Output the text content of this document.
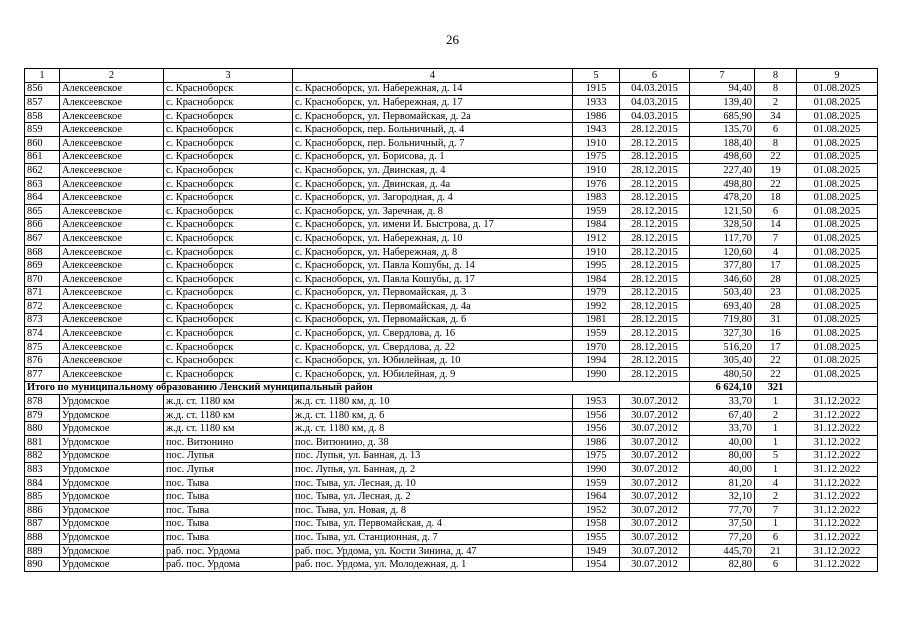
26
1	2	3	4	5	6	7	8	9
856	Алексеевское	с. Красноборск	с. Красноборск, ул. Набережная, д. 14	1915	04.03.2015	94,40	8	01.08.2025
857	Алексеевское	с. Красноборск	с. Красноборск, ул. Набережная, д. 17	1933	04.03.2015	139,40	2	01.08.2025
858	Алексеевское	с. Красноборск	с. Красноборск, ул. Первомайская, д. 2а	1986	04.03.2015	685,90	34	01.08.2025
859	Алексеевское	с. Красноборск	с. Красноборск, пер. Больничный, д. 4	1943	28.12.2015	135,70	6	01.08.2025
860	Алексеевское	с. Красноборск	с. Красноборск, пер. Больничный, д. 7	1910	28.12.2015	188,40	8	01.08.2025
861	Алексеевское	с. Красноборск	с. Красноборск, ул. Борисова, д. 1	1975	28.12.2015	498,60	22	01.08.2025
862	Алексеевское	с. Красноборск	с. Красноборск, ул. Двинская, д. 4	1910	28.12.2015	227,40	19	01.08.2025
863	Алексеевское	с. Красноборск	с. Красноборск, ул. Двинская, д. 4а	1976	28.12.2015	498,80	22	01.08.2025
864	Алексеевское	с. Красноборск	с. Красноборск, ул. Загородная, д. 4	1983	28.12.2015	478,20	18	01.08.2025
865	Алексеевское	с. Красноборск	с. Красноборск, ул. Заречная, д. 8	1959	28.12.2015	121,50	6	01.08.2025
866	Алексеевское	с. Красноборск	с. Красноборск, ул. имени И. Быстрова, д. 17	1984	28.12.2015	328,50	14	01.08.2025
867	Алексеевское	с. Красноборск	с. Красноборск, ул. Набережная, д. 10	1912	28.12.2015	117,70	7	01.08.2025
868	Алексеевское	с. Красноборск	с. Красноборск, ул. Набережная, д. 8	1910	28.12.2015	120,60	4	01.08.2025
869	Алексеевское	с. Красноборск	с. Красноборск, ул. Павла Кошубы, д. 14	1995	28.12.2015	377,80	17	01.08.2025
870	Алексеевское	с. Красноборск	с. Красноборск, ул. Павла Кошубы, д. 17	1984	28.12.2015	346,60	28	01.08.2025
871	Алексеевское	с. Красноборск	с. Красноборск, ул. Первомайская, д. 3	1979	28.12.2015	503,40	23	01.08.2025
872	Алексеевское	с. Красноборск	с. Красноборск, ул. Первомайская, д. 4а	1992	28.12.2015	693,40	28	01.08.2025
873	Алексеевское	с. Красноборск	с. Красноборск, ул. Первомайская, д. 6	1981	28.12.2015	719,80	31	01.08.2025
874	Алексеевское	с. Красноборск	с. Красноборск, ул. Свердлова, д. 16	1959	28.12.2015	327,30	16	01.08.2025
875	Алексеевское	с. Красноборск	с. Красноборск, ул. Свердлова, д. 22	1970	28.12.2015	516,20	17	01.08.2025
876	Алексеевское	с. Красноборск	с. Красноборск, ул. Юбилейная, д. 10	1994	28.12.2015	305,40	22	01.08.2025
877	Алексеевское	с. Красноборск	с. Красноборск, ул. Юбилейная, д. 9	1990	28.12.2015	480,50	22	01.08.2025
Итого по муниципальному образованию Ленский муниципальный район						6 624,10	321	
878	Урдомское	ж.д. ст. 1180 км	ж.д. ст. 1180 км, д. 10	1953	30.07.2012	33,70	1	31.12.2022
879	Урдомское	ж.д. ст. 1180 км	ж.д. ст. 1180 км, д. 6	1956	30.07.2012	67,40	2	31.12.2022
880	Урдомское	ж.д. ст. 1180 км	ж.д. ст. 1180 км, д. 8	1956	30.07.2012	33,70	1	31.12.2022
881	Урдомское	пос. Витюнино	пос. Витюнино, д. 38	1986	30.07.2012	40,00	1	31.12.2022
882	Урдомское	пос. Лупья	пос. Лупья, ул. Банная, д. 13	1975	30.07.2012	80,00	5	31.12.2022
883	Урдомское	пос. Лупья	пос. Лупья, ул. Банная, д. 2	1990	30.07.2012	40,00	1	31.12.2022
884	Урдомское	пос. Тыва	пос. Тыва, ул. Лесная, д. 10	1959	30.07.2012	81,20	4	31.12.2022
885	Урдомское	пос. Тыва	пос. Тыва, ул. Лесная, д. 2	1964	30.07.2012	32,10	2	31.12.2022
886	Урдомское	пос. Тыва	пос. Тыва, ул. Новая, д. 8	1952	30.07.2012	77,70	7	31.12.2022
887	Урдомское	пос. Тыва	пос. Тыва, ул. Первомайская, д. 4	1958	30.07.2012	37,50	1	31.12.2022
888	Урдомское	пос. Тыва	пос. Тыва, ул. Станционная, д. 7	1955	30.07.2012	77,20	6	31.12.2022
889	Урдомское	раб. пос. Урдома	раб. пос. Урдома, ул. Кости Зинина, д. 47	1949	30.07.2012	445,70	21	31.12.2022
890	Урдомское	раб. пос. Урдома	раб. пос. Урдома, ул. Молодежная, д. 1	1954	30.07.2012	82,80	6	31.12.2022
